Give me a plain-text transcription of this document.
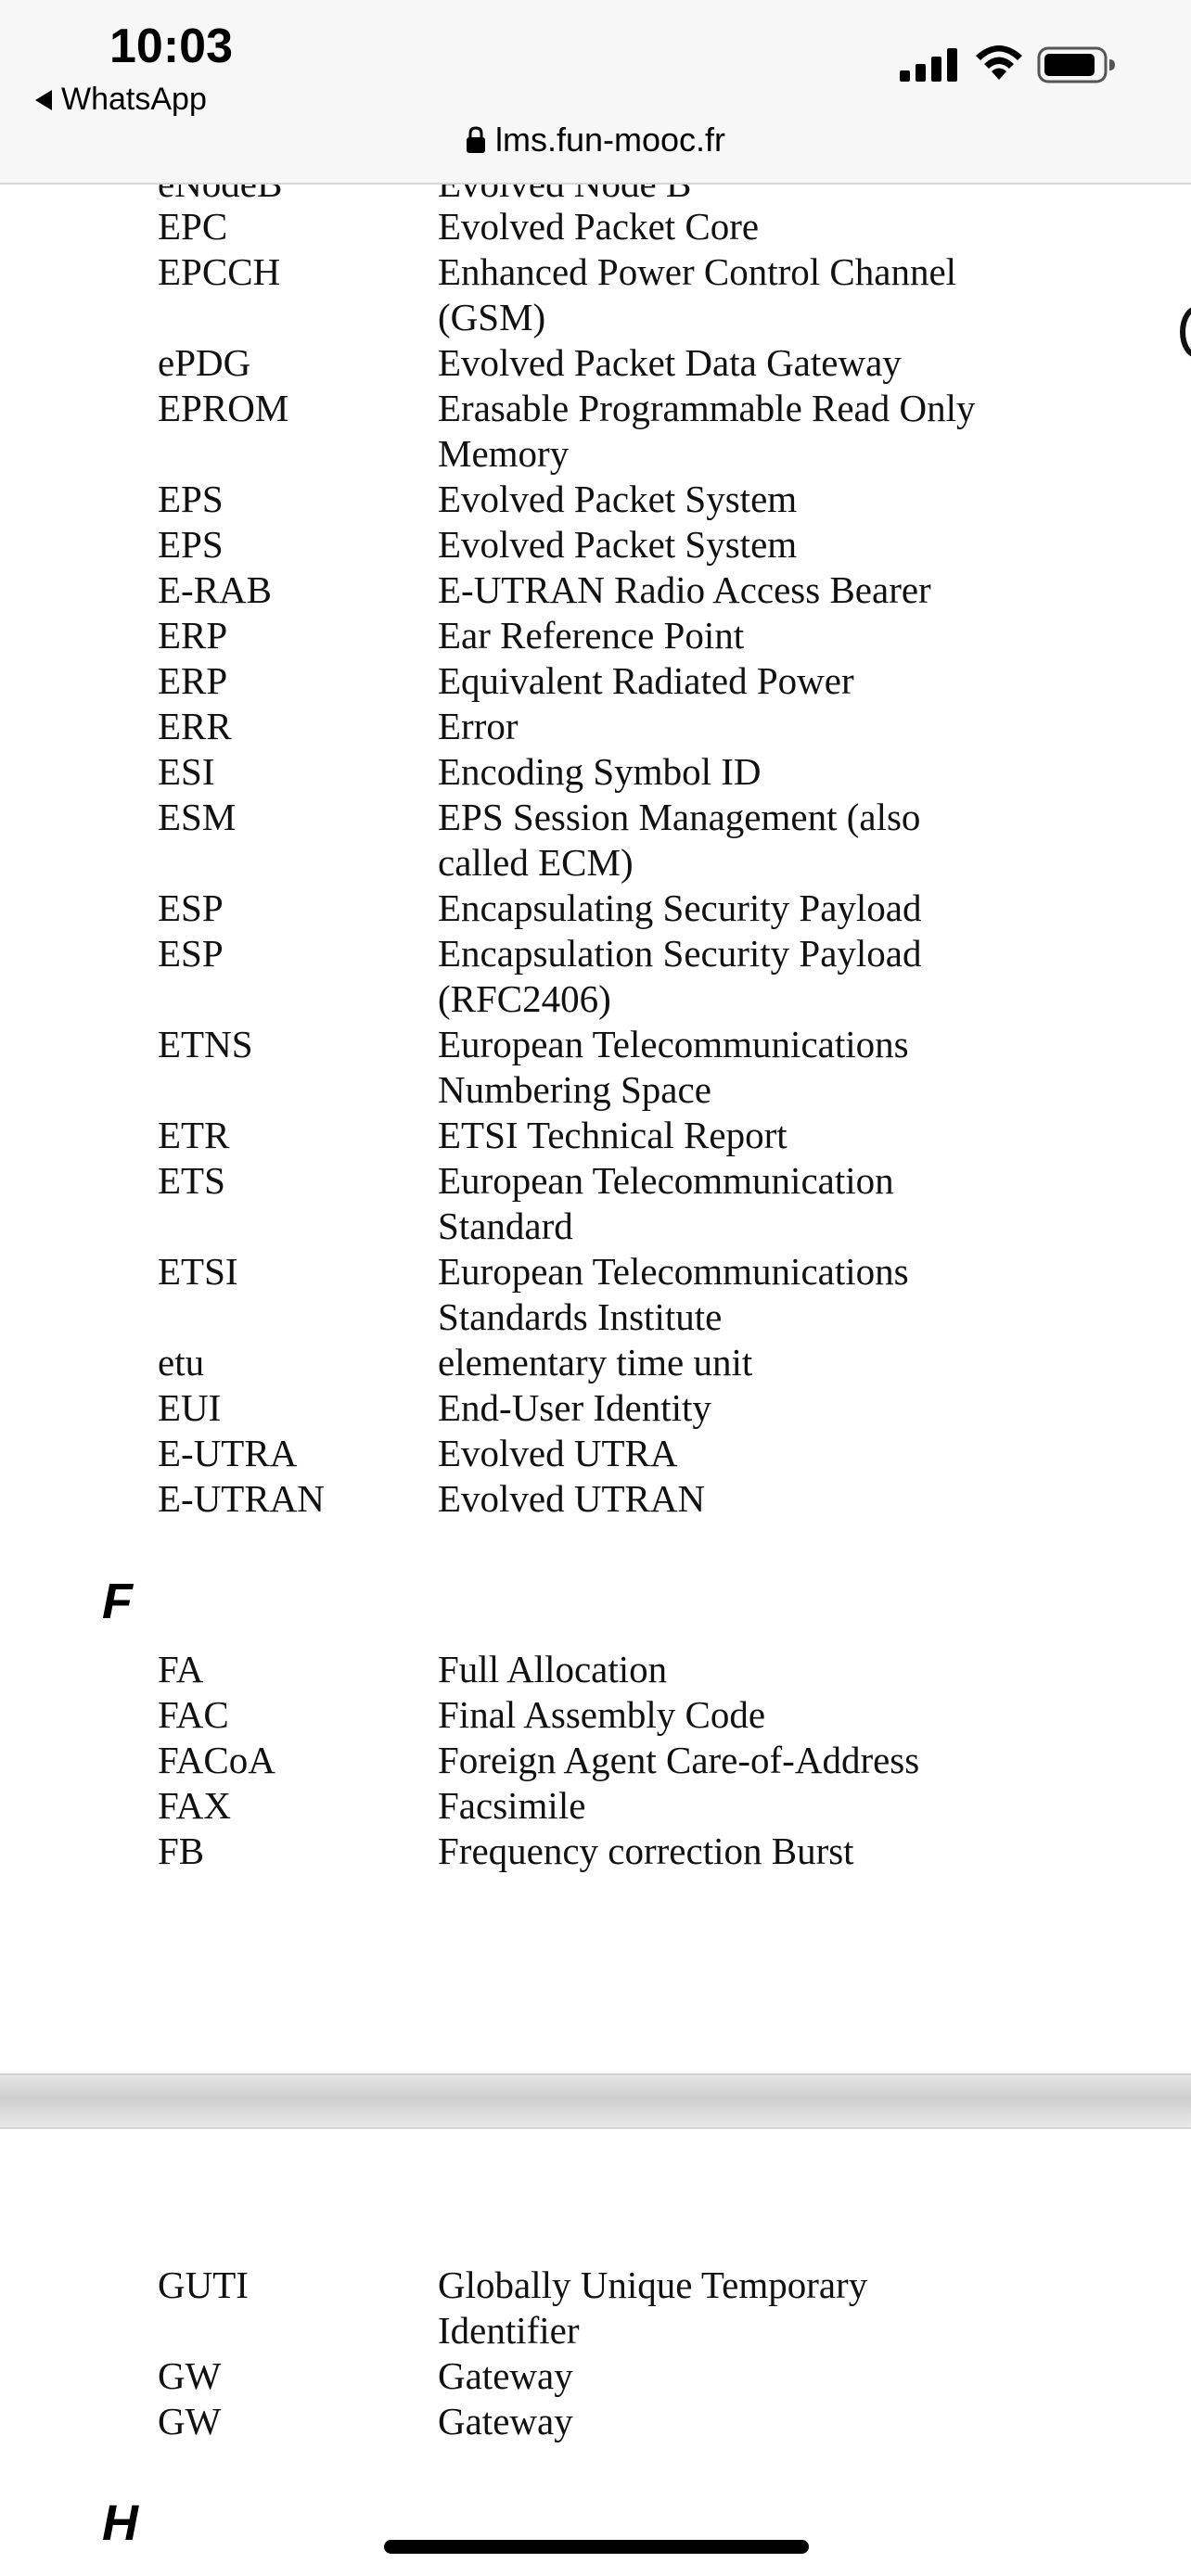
EPC	Evolved Packet Core
EPCCH	Enhanced Power Control Channel
(GSM)
ePDG	Evolved Packet Data Gateway
EPROM	Erasable Programmable Read Only
Memory
EPS	Evolved Packet System
EPS	Evolved Packet System
E-RAB	E-UTRAN Radio Access Bearer
ERP	Ear Reference Point
ERP	Equivalent Radiated Power
ERR	Error
ESI	Encoding Symbol ID
ESM	EPS Session Management (also
called ECM)
ESP	Encapsulating Security Payload
ESP	Encapsulation Security Payload
(RFC2406)
ETNS	European Telecommunications
Numbering Space
ETR	ETSI Technical Report
ETS	European Telecommunication
Standard
ETSI	European Telecommunications
Standards Institute
etu	elementary time unit
EUI	End-User Identity
E-UTRA	Evolved UTRA
E-UTRAN	Evolved UTRAN
F
FA	Full Allocation
FAC	Final Assembly Code
FACoA	Foreign Agent Care-of-Address
FAX	Facsimile
FB	Frequency correction Burst
GUTI	Globally Unique Temporary
Identifier
GW	Gateway
GW	Gateway
H
10:03
WhatsApp
lms.fun-mooc.fr
